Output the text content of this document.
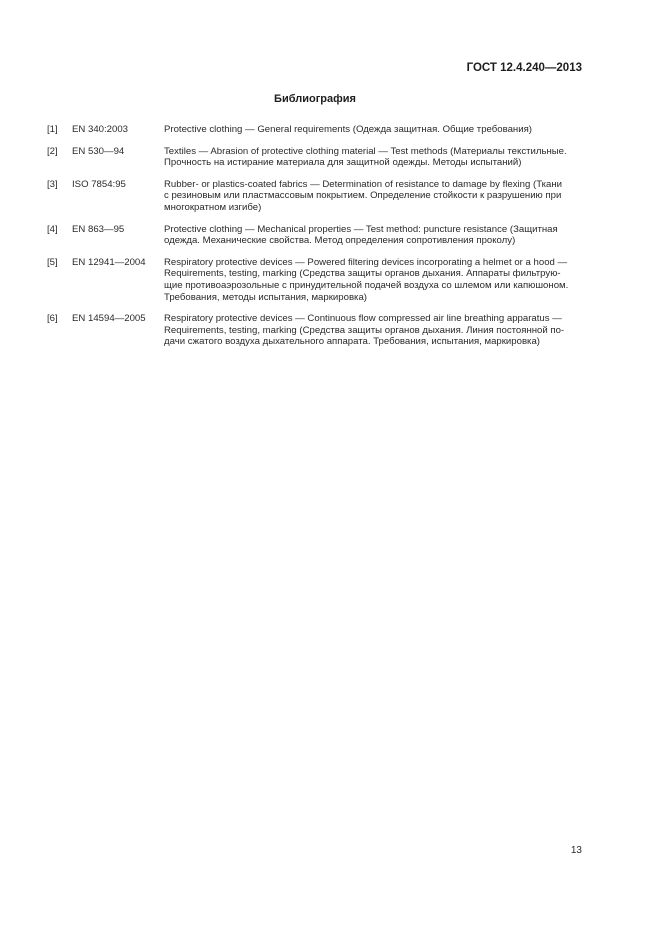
ГОСТ 12.4.240—2013
Библиография
[1]	EN 340:2003	Protective clothing — General requirements (Одежда защитная. Общие требования)
[2]	EN 530—94	Textiles — Abrasion of protective clothing material — Test methods (Материалы текстильные.
Прочность на истирание материала для защитной одежды. Методы испытаний)
[3]	ISO 7854:95	Rubber- or plastics-coated fabrics — Determination of resistance to damage by flexing (Ткани
с резиновым или пластмассовым покрытием. Определение стойкости к разрушению при
многократном изгибе)
[4]	EN 863—95	Protective clothing — Mechanical properties — Test method: puncture resistance (Защитная
одежда. Механические свойства. Метод определения сопротивления проколу)
[5]	EN 12941—2004	Respiratory protective devices — Powered filtering devices incorporating a helmet or a hood —
Requirements, testing, marking (Средства защиты органов дыхания. Аппараты фильтрую-
щие противоаэрозольные с принудительной подачей воздуха со шлемом или капюшоном.
Требования, методы испытания, маркировка)
[6]	EN 14594—2005	Respiratory protective devices — Continuous flow compressed air line breathing apparatus —
Requirements, testing, marking (Средства защиты органов дыхания. Линия постоянной по-
дачи сжатого воздуха дыхательного аппарата. Требования, испытания, маркировка)
13
